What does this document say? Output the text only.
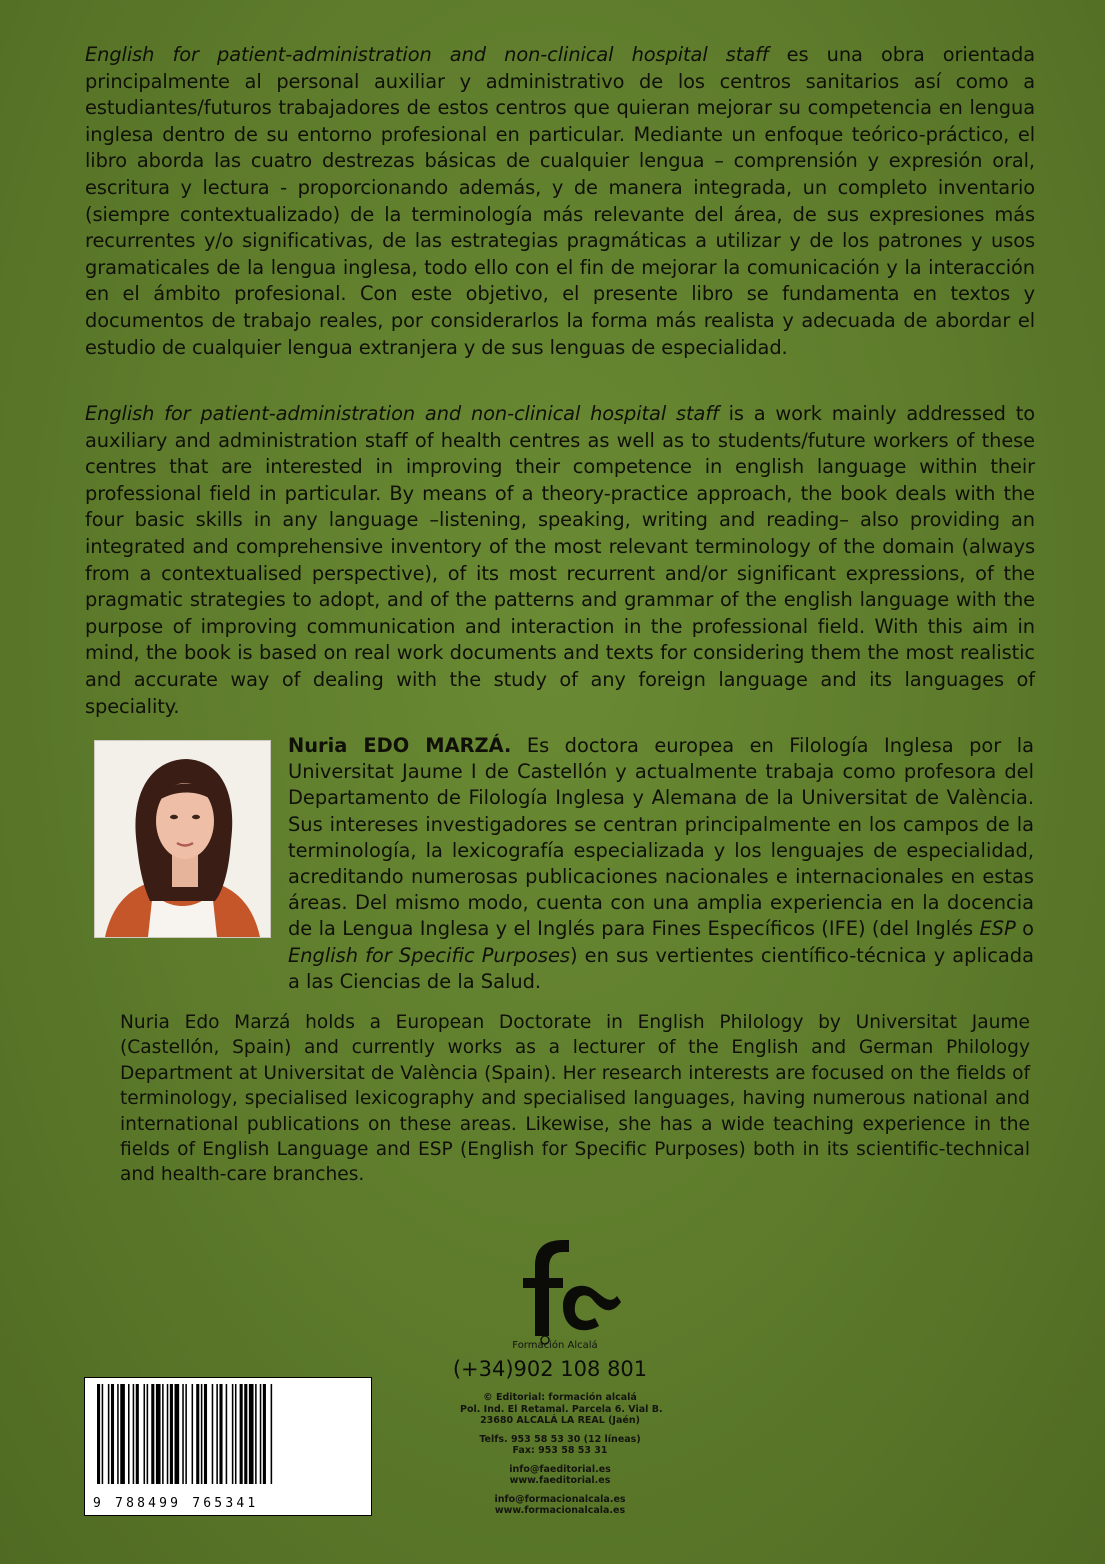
English for patient-administration and non-clinical hospital staff es una obra orientada principalmente al personal auxiliar y administrativo de los centros sanitarios así como a estudiantes/futuros trabajadores de estos centros que quieran mejorar su competencia en lengua inglesa dentro de su entorno profesional en particular. Mediante un enfoque teórico-práctico, el libro aborda las cuatro destrezas básicas de cualquier lengua – comprensión y expresión oral, escritura y lectura - proporcionando además, y de manera integrada, un completo inventario (siempre contextualizado) de la terminología más relevante del área, de sus expresiones más recurrentes y/o significativas, de las estrategias pragmáticas a utilizar y de los patrones y usos gramaticales de la lengua inglesa, todo ello con el fin de mejorar la comunicación y la interacción en el ámbito profesional. Con este objetivo, el presente libro se fundamenta en textos y documentos de trabajo reales, por considerarlos la forma más realista y adecuada de abordar el estudio de cualquier lengua extranjera y de sus lenguas de especialidad.

English for patient-administration and non-clinical hospital staff is a work mainly addressed to auxiliary and administration staff of health centres as well as to students/future workers of these centres that are interested in improving their competence in english language within their professional field in particular. By means of a theory-practice approach, the book deals with the four basic skills in any language –listening, speaking, writing and reading– also providing an integrated and comprehensive inventory of the most relevant terminology of the domain (always from a contextualised perspective), of its most recurrent and/or significant expressions, of the pragmatic strategies to adopt, and of the patterns and grammar of the english language with the purpose of improving communication and interaction in the professional field. With this aim in mind, the book is based on real work documents and texts for considering them the most realistic and accurate way of dealing with the study of any foreign language and its languages of speciality.

Nuria EDO MARZÁ. Es doctora europea en Filología Inglesa por la Universitat Jaume I de Castellón y actualmente trabaja como profesora del Departamento de Filología Inglesa y Alemana de la Universitat de València. Sus intereses investigadores se centran principalmente en los campos de la terminología, la lexicografía especializada y los lenguajes de especialidad, acreditando numerosas publicaciones nacionales e internacionales en estas áreas. Del mismo modo, cuenta con una amplia experiencia en la docencia de la Lengua Inglesa y el Inglés para Fines Específicos (IFE) (del Inglés ESP o English for Specific Purposes) en sus vertientes científico-técnica y aplicada a las Ciencias de la Salud.

Nuria Edo Marzá holds a European Doctorate in English Philology by Universitat Jaume (Castellón, Spain) and currently works as a lecturer of the English and German Philology Department at Universitat de València (Spain). Her research interests are focused on the fields of terminology, specialised lexicography and specialised languages, having numerous national and international publications on these areas. Likewise, she has a wide teaching experience in the fields of English Language and ESP (English for Specific Purposes) both in its scientific-technical and health-care branches.

Formación Alcalá
(+34)902 108 801
© Editorial: formación alcalá
Pol. Ind. El Retamal. Parcela 6. Vial B.
23680 ALCALÁ LA REAL (Jaén)
Telfs. 953 58 53 30 (12 líneas)
Fax: 953 58 53 31
info@faeditorial.es
www.faeditorial.es
info@formacionalcala.es
www.formacionalcala.es
9 788499 765341
